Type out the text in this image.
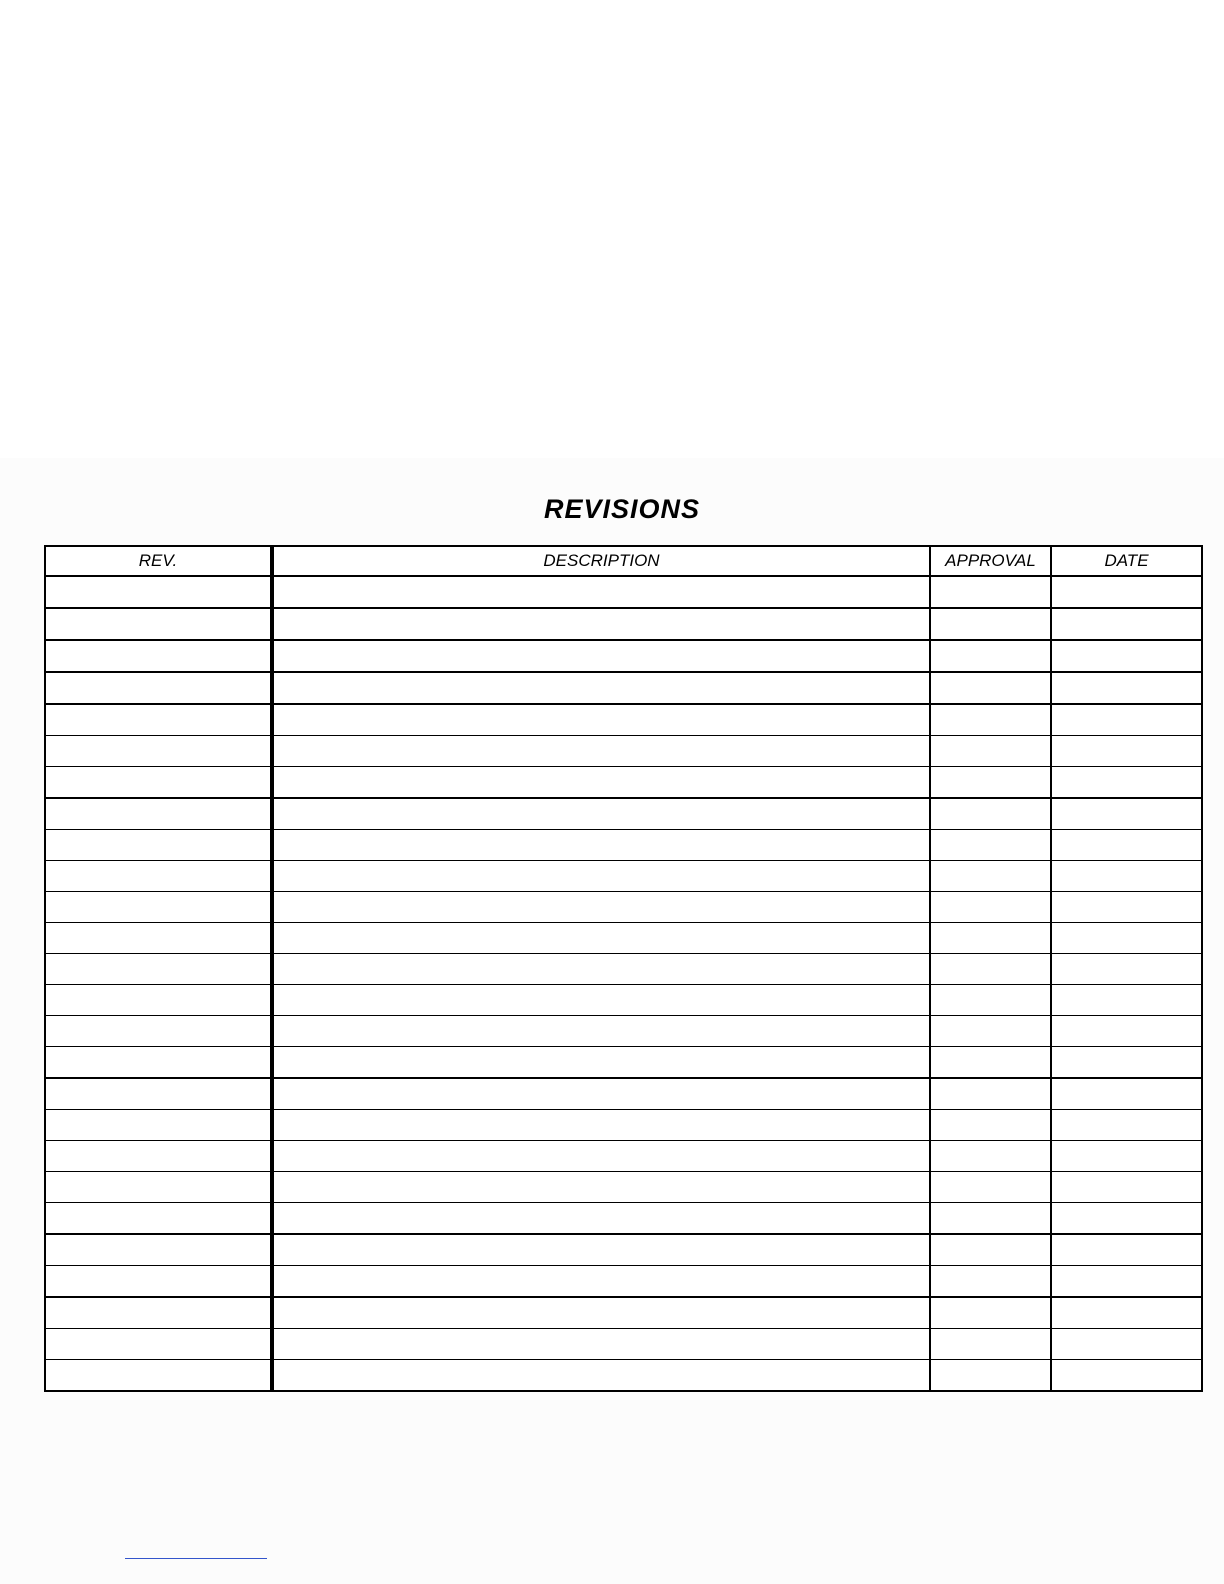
REVISIONS
REV.	DESCRIPTION	APPROVAL	DATE
